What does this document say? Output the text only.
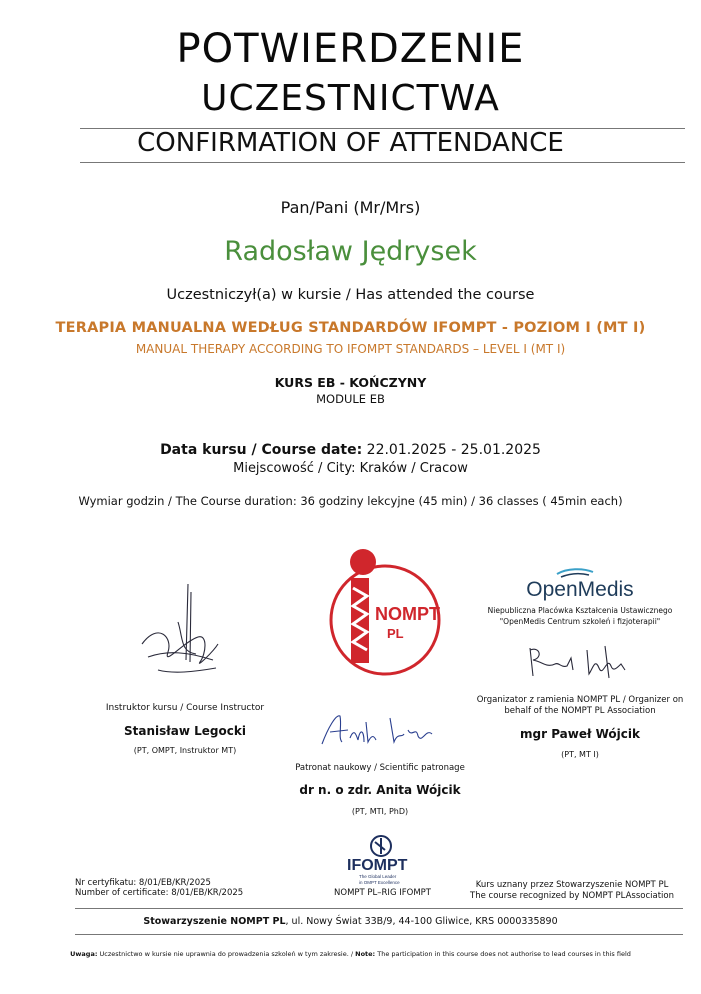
POTWIERDZENIE
UCZESTNICTWA
CONFIRMATION OF ATTENDANCE
Pan/Pani (Mr/Mrs)
Radosław Jędrysek
Uczestniczył(a) w kursie / Has attended the course
TERAPIA MANUALNA WEDŁUG STANDARDÓW IFOMPT - POZIOM I (MT I)
MANUAL THERAPY ACCORDING TO IFOMPT STANDARDS – LEVEL I (MT I)
KURS EB - KOŃCZYNY
MODULE EB
Data kursu / Course date: 22.01.2025 - 25.01.2025
Miejscowość / City: Kraków / Cracow
Wymiar godzin / The Course duration: 36 godziny lekcyjne (45 min) / 36 classes ( 45min each)
Instruktor kursu / Course Instructor
Stanisław Legocki
(PT, OMPT, Instruktor MT)
NOMPT
PL
OpenMedis
Niepubliczna Placówka Kształcenia Ustawicznego
"OpenMedis Centrum szkoleń i fizjoterapii"
Organizator z ramienia NOMPT PL / Organizer on
behalf of the NOMPT PL Association
mgr Paweł Wójcik
(PT, MT I)
Patronat naukowy / Scientific patronage
dr n. o zdr. Anita Wójcik
(PT, MTI, PhD)
IFOMPT
The Global Leader
in OMPT Excellence
NOMPT PL–RIG IFOMPT
Nr certyfikatu: 8/01/EB/KR/2025
Number of certificate: 8/01/EB/KR/2025
Kurs uznany przez Stowarzyszenie NOMPT PL
The course recognized by NOMPT PLAssociation
Stowarzyszenie NOMPT PL, ul. Nowy Świat 33B/9, 44-100 Gliwice, KRS 0000335890
Uwaga: Uczestnictwo w kursie nie uprawnia do prowadzenia szkoleń w tym zakresie. / Note: The participation in this course does not authorise to lead courses in this field
